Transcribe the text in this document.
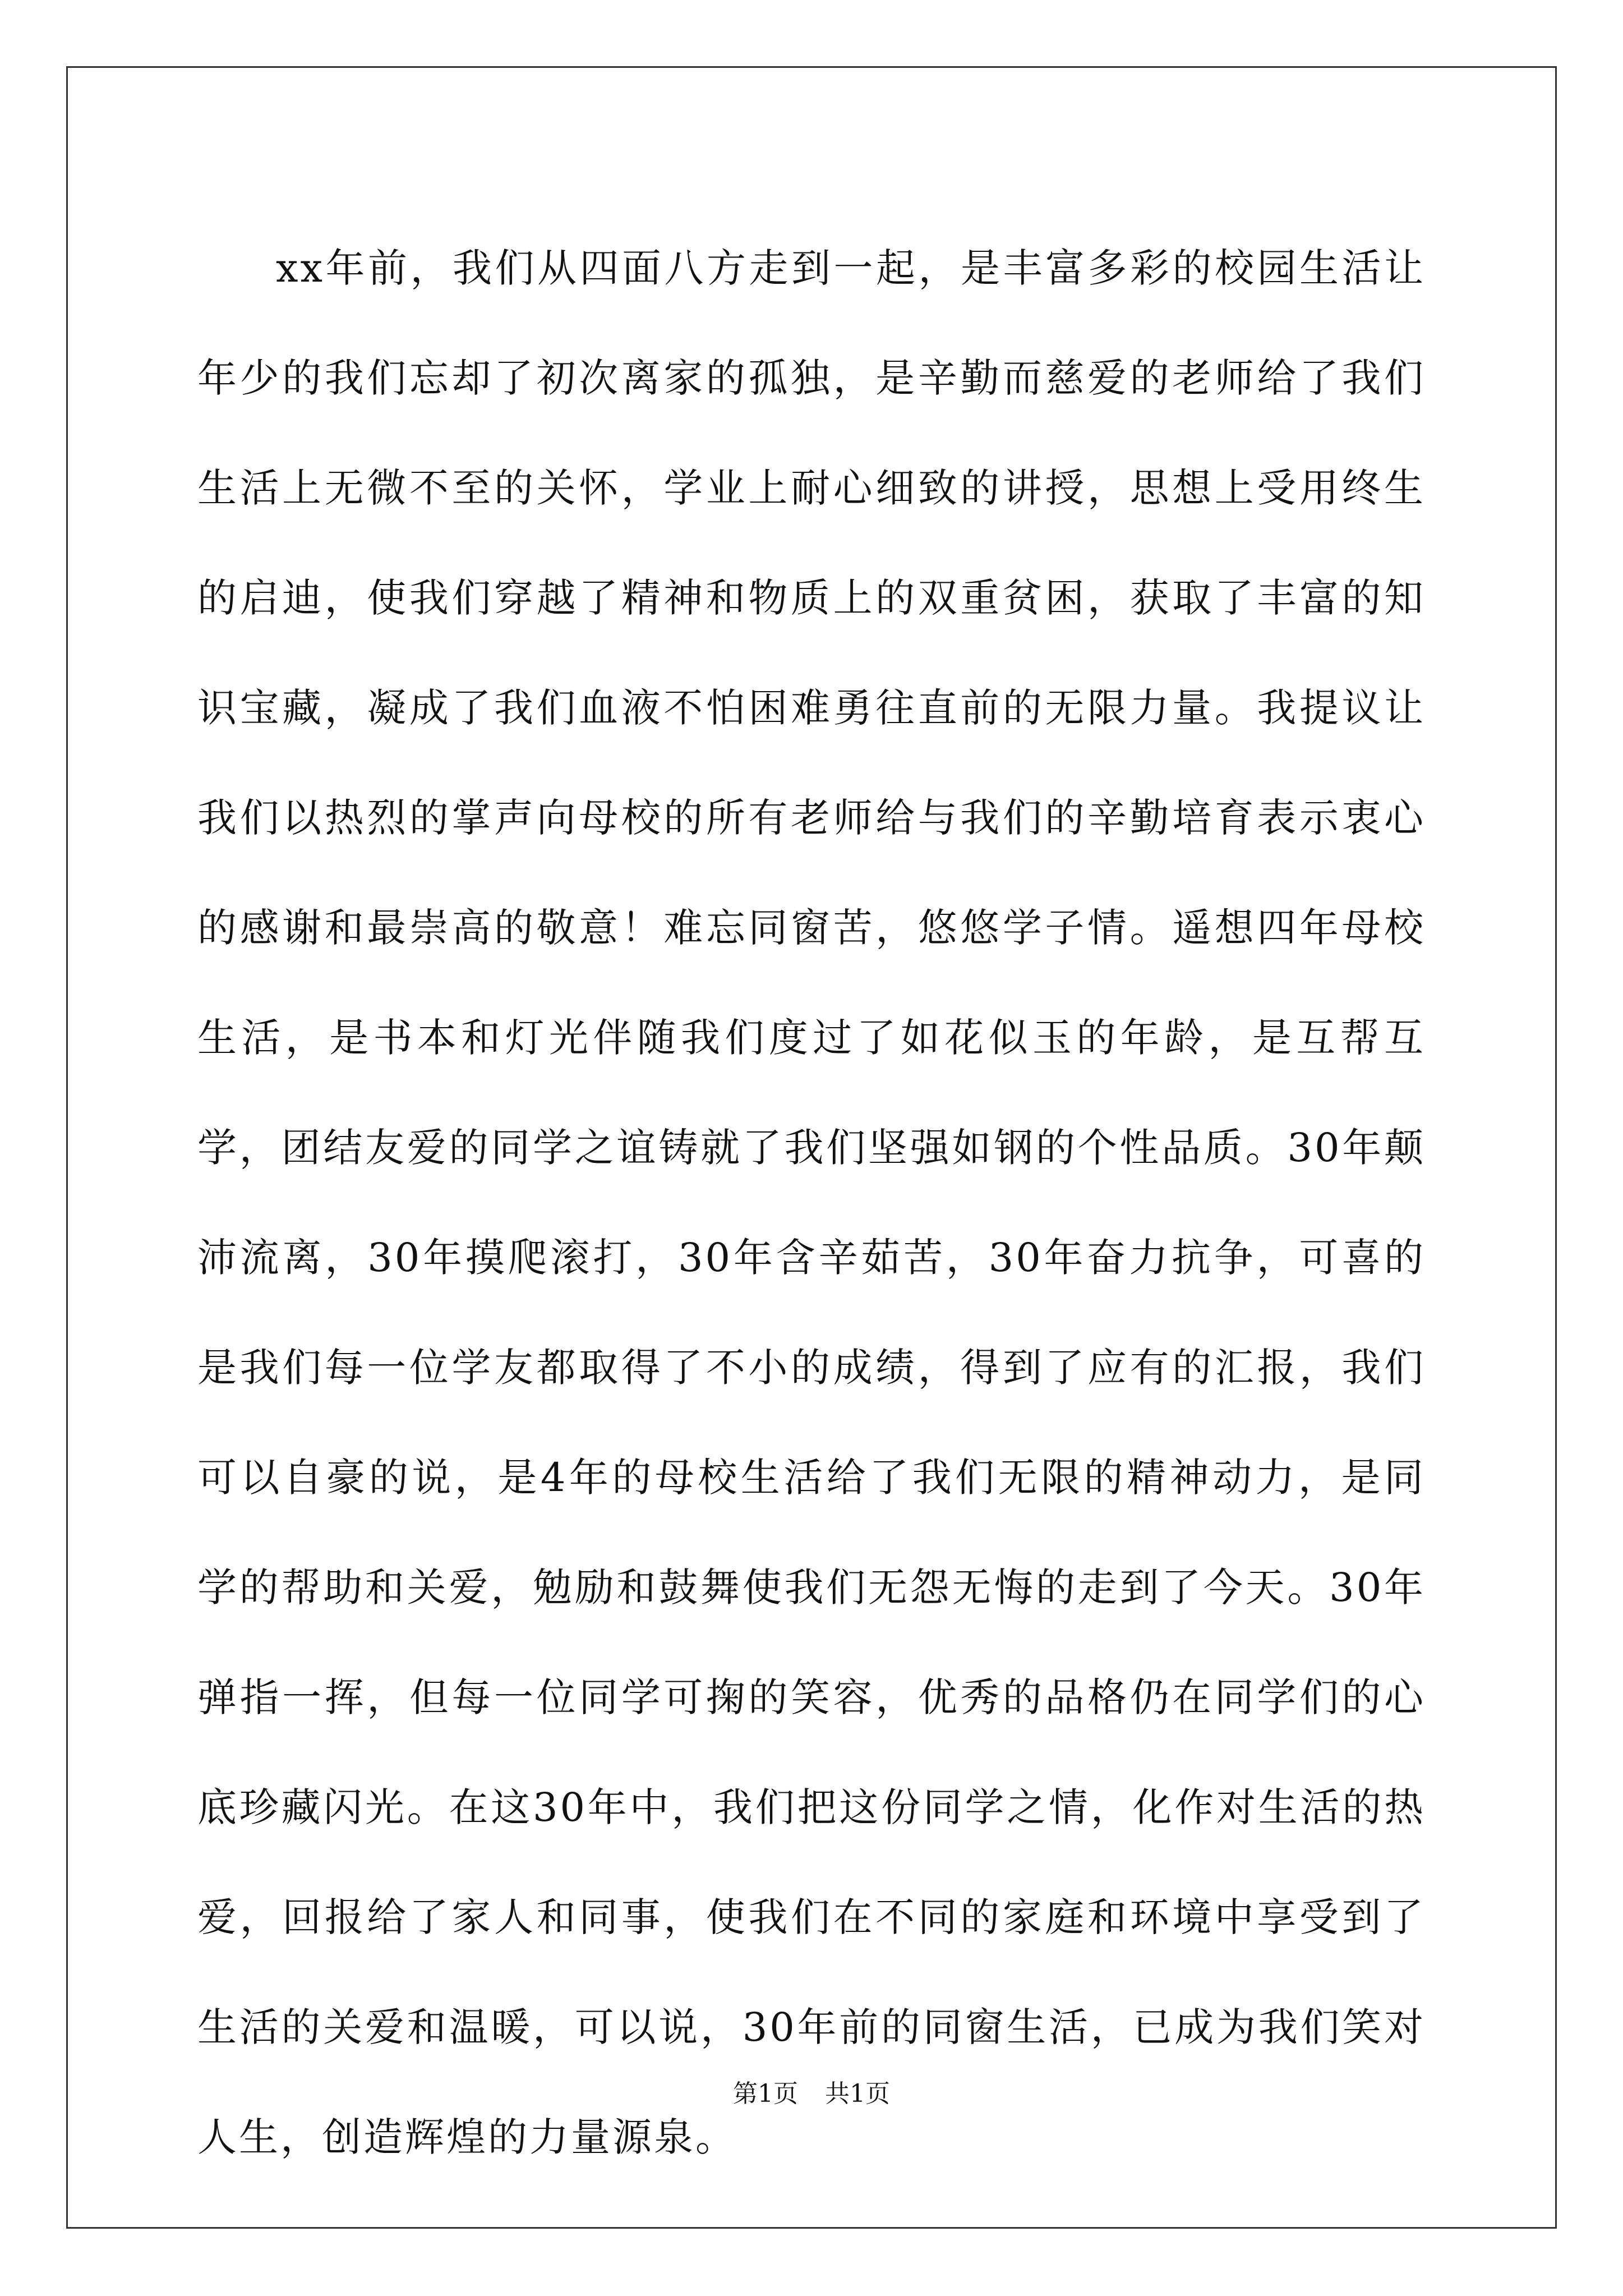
xx年前，我们从四面八方走到一起，是丰富多彩的校园生活让年少的我们忘却了初次离家的孤独，是辛勤而慈爱的老师给了我们生活上无微不至的关怀，学业上耐心细致的讲授，思想上受用终生的启迪，使我们穿越了精神和物质上的双重贫困，获取了丰富的知识宝藏，凝成了我们血液不怕困难勇往直前的无限力量。我提议让我们以热烈的掌声向母校的所有老师给与我们的辛勤培育表示衷心的感谢和最崇高的敬意！难忘同窗苦，悠悠学子情。遥想四年母校生活，是书本和灯光伴随我们度过了如花似玉的年龄，是互帮互学，团结友爱的同学之谊铸就了我们坚强如钢的个性品质。30年颠沛流离，30年摸爬滚打，30年含辛茹苦，30年奋力抗争，可喜的是我们每一位学友都取得了不小的成绩，得到了应有的汇报，我们可以自豪的说，是4年的母校生活给了我们无限的精神动力，是同学的帮助和关爱，勉励和鼓舞使我们无怨无悔的走到了今天。30年弹指一挥，但每一位同学可掬的笑容，优秀的品格仍在同学们的心底珍藏闪光。在这30年中，我们把这份同学之情，化作对生活的热爱，回报给了家人和同事，使我们在不同的家庭和环境中享受到了生活的关爱和温暖，可以说，30年前的同窗生活，已成为我们笑对人生，创造辉煌的力量源泉。

第1页 共1页
